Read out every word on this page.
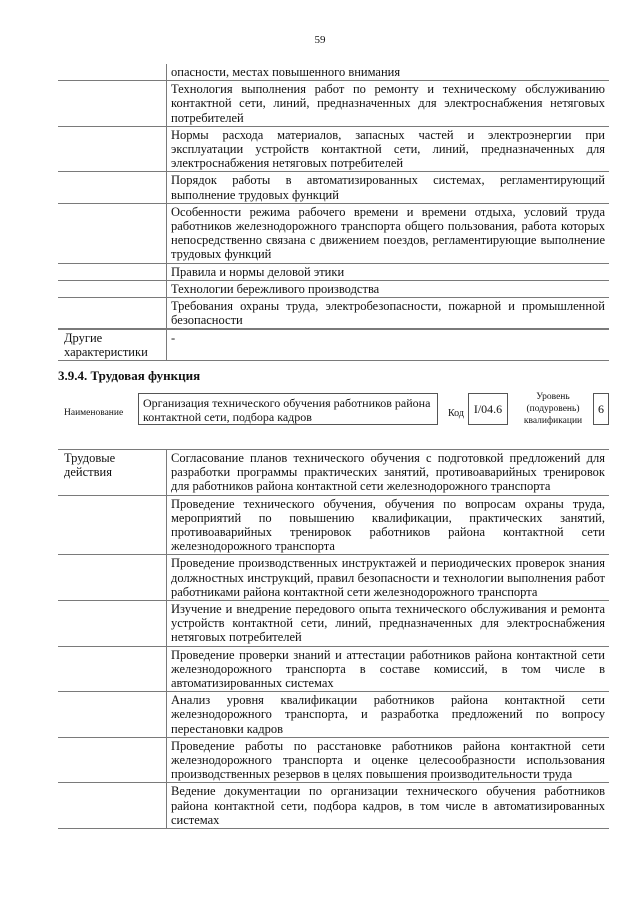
59
опасности, местах повышенного внимания
Технология выполнения работ по ремонту и техническому обслуживанию контактной сети, линий, предназначенных для электроснабжения нетяговых потребителей
Нормы расхода материалов, запасных частей и электроэнергии при эксплуатации устройств контактной сети, линий, предназначенных для электроснабжения нетяговых потребителей
Порядок работы в автоматизированных системах, регламентирующий выполнение трудовых функций
Особенности режима рабочего времени и времени отдыха, условий труда работников железнодорожного транспорта общего пользования, работа которых непосредственно связана с движением поездов, регламентирующие выполнение трудовых функций
Правила и нормы деловой этики
Технологии бережливого производства
Требования охраны труда, электробезопасности, пожарной и промышленной безопасности
Другие характеристики
-
3.9.4. Трудовая функция
Наименование
Организация технического обучения работников района контактной сети, подбора кадров	Код I/04.6
Уровень (подуровень) квалификации
6
Трудовые действия
Согласование планов технического обучения с подготовкой предложений для разработки программы практических занятий, противоаварийных тренировок для работников района контактной сети железнодорожного транспорта
Проведение технического обучения, обучения по вопросам охраны труда, мероприятий по повышению квалификации, практических занятий, противоаварийных тренировок работников района контактной сети железнодорожного транспорта
Проведение производственных инструктажей и периодических проверок знания должностных инструкций, правил безопасности и технологии выполнения работ работниками района контактной сети железнодорожного транспорта
Изучение и внедрение передового опыта технического обслуживания и ремонта устройств контактной сети, линий, предназначенных для электроснабжения нетяговых потребителей
Проведение проверки знаний и аттестации работников района контактной сети железнодорожного транспорта в составе комиссий, в том числе в автоматизированных системах
Анализ уровня квалификации работников района контактной сети железнодорожного транспорта, и разработка предложений по вопросу перестановки кадров
Проведение работы по расстановке работников района контактной сети железнодорожного транспорта и оценке целесообразности использования производственных резервов в целях повышения производительности труда
Ведение документации по организации технического обучения работников района контактной сети, подбора кадров, в том числе в автоматизированных системах
